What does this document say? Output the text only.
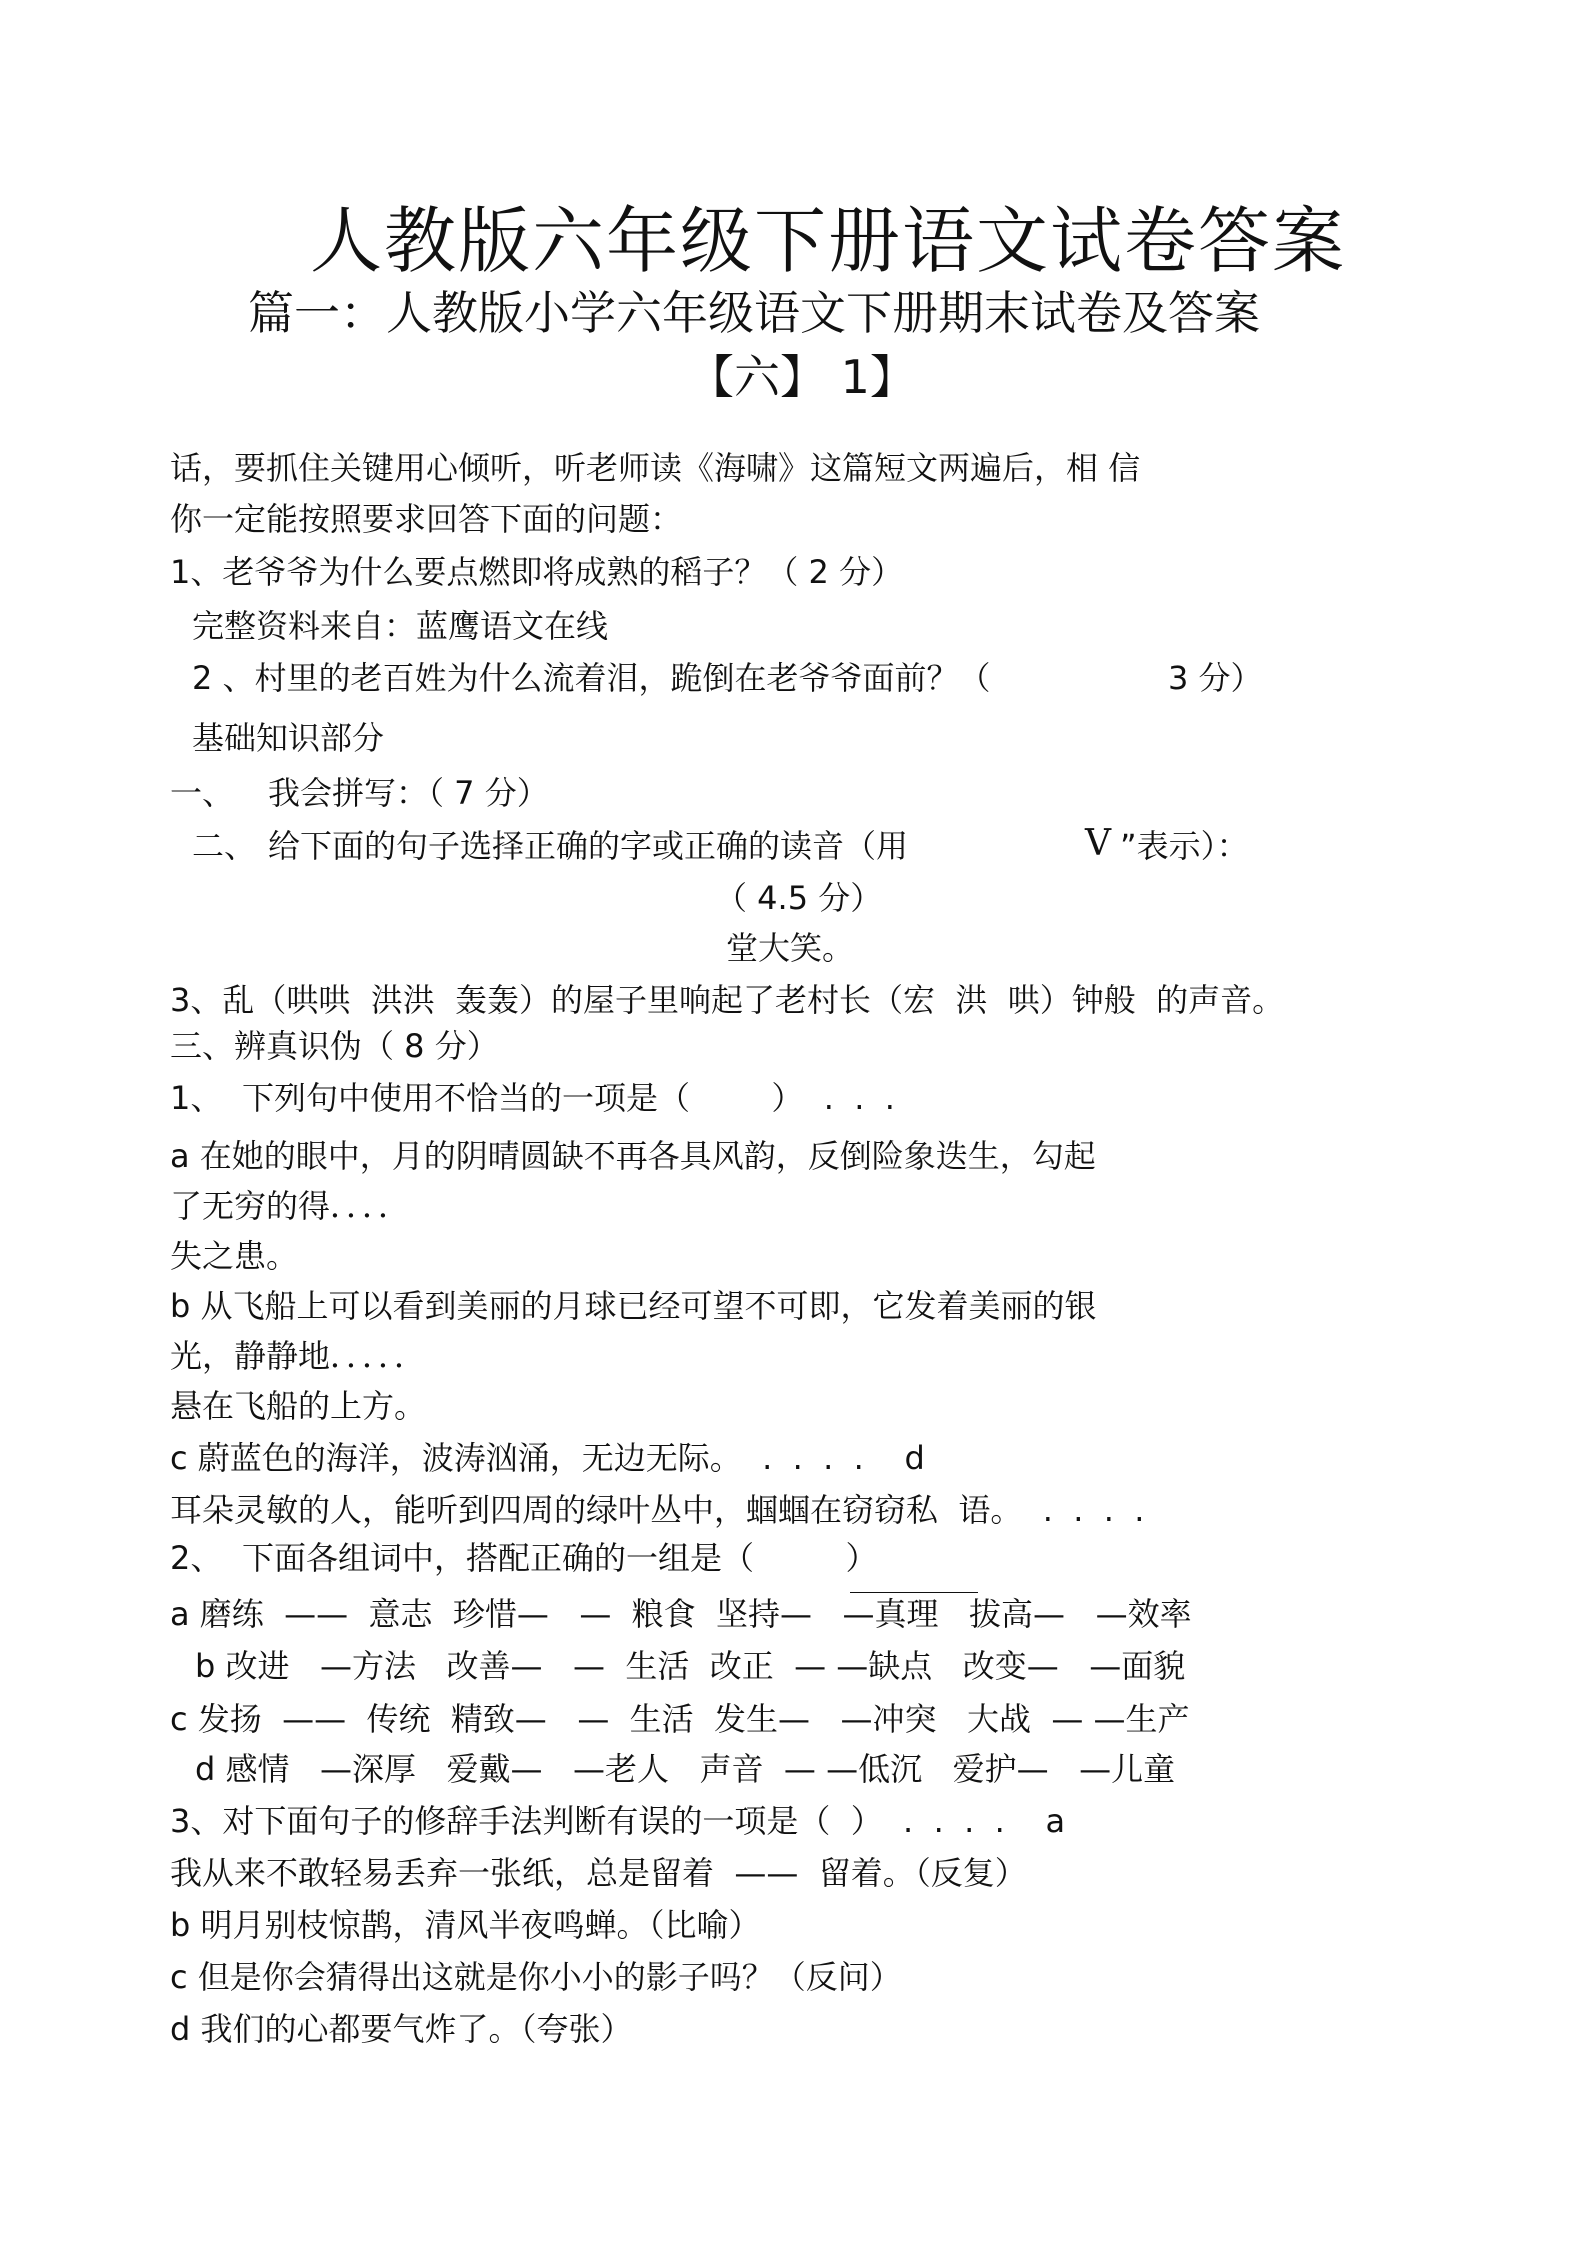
人教版六年级下册语文试卷答案
篇一：人教版小学六年级语文下册期末试卷及答案
【六】 1】
话，要抓住关键用心倾听，听老师读《海啸》这篇短文两遍后，相 信
你一定能按照要求回答下面的问题：
1、老爷爷为什么要点燃即将成熟的稻子？（ 2 分）
完整资料来自：蓝鹰语文在线
2 、村里的老百姓为什么流着泪，跪倒在老爷爷面前？（	3 分）
基础知识部分
一、 我会拼写：（ 7 分）
二、 给下面的句子选择正确的字或正确的读音（用	V ”表示）：
（ 4.5 分）
堂大笑。
3、乱（哄哄  洪洪  轰轰）的屋子里响起了老村长（宏  洪  哄）钟般  的声音。
三、辨真识伪（ 8 分）
1、 下列句中使用不恰当的一项是（        ）  .  .  .
a 在她的眼中，月的阴晴圆缺不再各具风韵，反倒险象迭生，勾起
了无穷的得．．．．
失之患。
b 从飞船上可以看到美丽的月球已经可望不可即，它发着美丽的银
光，静静地．．．．．
悬在飞船的上方。
c 蔚蓝色的海洋，波涛汹涌，无边无际。  .  .  .  .    d
耳朵灵敏的人，能听到四周的绿叶丛中，蝈蝈在窃窃私  语。  .  .  .  .
2、 下面各组词中，搭配正确的一组是（         ）
a 磨练  ——  意志  珍惜—   —  粮食  坚持—   —真理   拔高—   —效率
b 改进   —方法   改善—   —  生活  改正  — —缺点   改变—   —面貌
c 发扬  ——  传统  精致—   —  生活  发生—   —冲突   大战  — —生产
d 感情   —深厚   爱戴—   —老人   声音  — —低沉   爱护—   —儿童
3、对下面句子的修辞手法判断有误的一项是（  ）  .  .  .  .    a
我从来不敢轻易丢弃一张纸，总是留着  ——  留着。（反复）
b 明月别枝惊鹊，清风半夜鸣蝉。（比喻）
c 但是你会猜得出这就是你小小的影子吗？（反问）
d 我们的心都要气炸了。（夸张）
